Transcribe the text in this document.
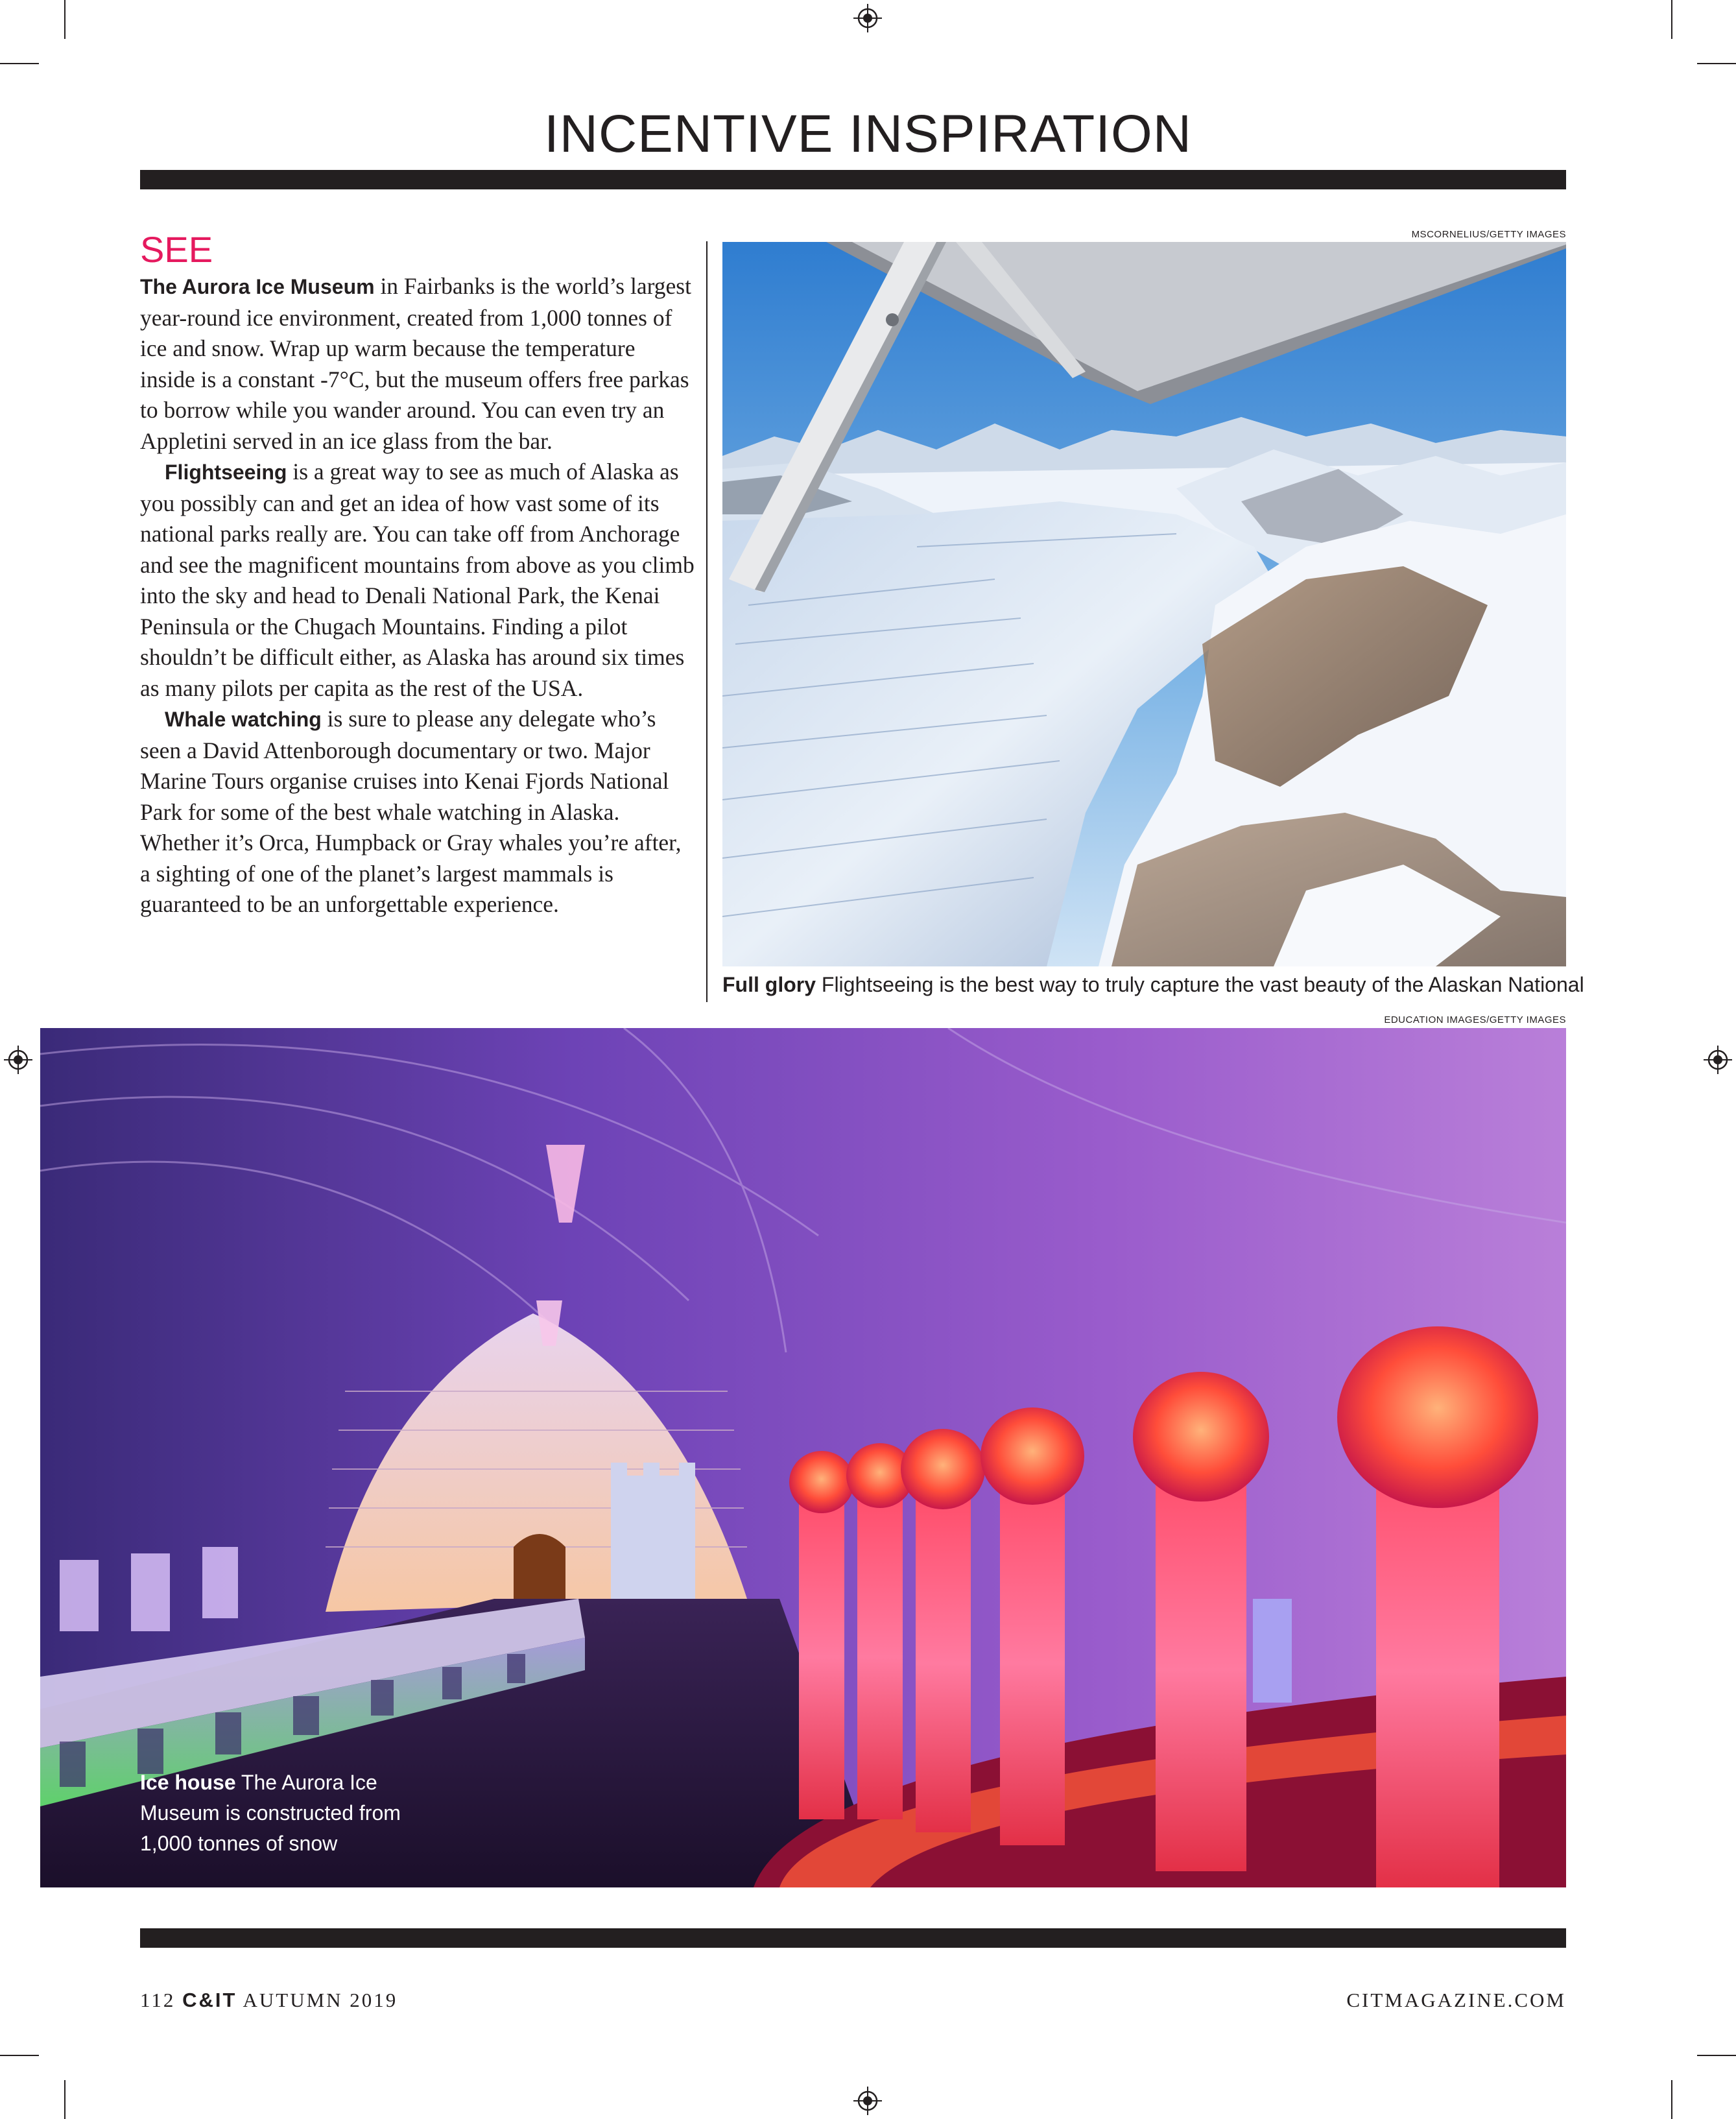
INCENTIVE INSPIRATION
SEE

The Aurora Ice Museum in Fairbanks is the world’s largest year-round ice environment, created from 1,000 tonnes of ice and snow. Wrap up warm because the temperature inside is a constant -7°C, but the museum offers free parkas to borrow while you wander around. You can even try an Appletini served in an ice glass from the bar.

Flightseeing is a great way to see as much of Alaska as you possibly can and get an idea of how vast some of its national parks really are. You can take off from Anchorage and see the magnificent mountains from above as you climb into the sky and head to Denali National Park, the Kenai Peninsula or the Chugach Mountains. Finding a pilot shouldn’t be difficult either, as Alaska has around six times as many pilots per capita as the rest of the USA.

Whale watching is sure to please any delegate who’s seen a David Attenborough documentary or two. Major Marine Tours organise cruises into Kenai Fjords National Park for some of the best whale watching in Alaska. Whether it’s Orca, Humpback or Gray whales you’re after, a sighting of one of the planet’s largest mammals is guaranteed to be an unforgettable experience.

MSCORNELIUS/GETTY IMAGES
Full glory Flightseeing is the best way to truly capture the vast beauty of the Alaskan National
EDUCATION IMAGES/GETTY IMAGES
Ice house The Aurora Ice
Museum is constructed from
1,000 tonnes of snow
112 C&IT AUTUMN 2019	CITMAGAZINE.COM
